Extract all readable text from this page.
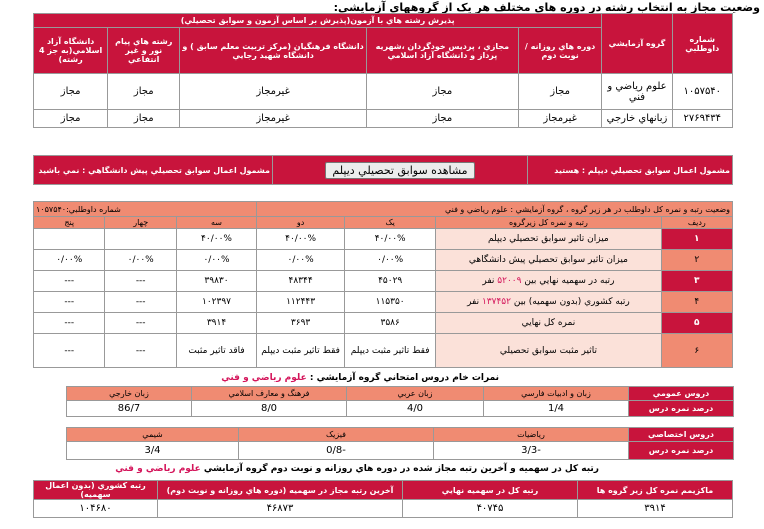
وضعيت مجاز به انتخاب رشته در دوره هاي مختلف هر يک از گروههاي آزمايشي:
شماره داوطلبي	گروه آزمايشي	پذيرش رشته هاي با آزمون(پذيرش بر اساس آزمون و سوابق تحصيلي)				
		دوره هاي روزانه / نوبت دوم	مجازي ، پرديس خودگردان ،شهريه پرداز و دانشگاه آزاد اسلامي	دانشگاه فرهنگيان (مرکز تربيت معلم سابق ) و دانشگاه شهيد رجايي	رشته هاي پيام نور و غير انتفاعي	دانشگاه آزاد اسلامي(به جز 4 رشته)
۱۰۵۷۵۴۰	علوم رياضي و فني	مجاز	مجاز	غيرمجاز	مجاز	مجاز
۲۷۶۹۴۳۴	زبانهاي خارجي	غيرمجاز	مجاز	غيرمجاز	مجاز	مجاز
مشمول اعمال سوابق تحصيلي ديپلم : هستيد	مشاهده سوابق تحصيلي ديپلم	مشمول اعمال سوابق تحصيلي پيش دانشگاهي : نمي باشيد
وضعيت رتبه و نمره کل داوطلب در هر زير گروه ، گروه آزمايشي : علوم رياضي و فني				شماره داوطلبي:۱۰۵۷۵۴۰		
رديف	رتبه و نمره کل زيرگروه	يک	دو	سه	چهار	پنج
۱	ميزان تاثير سوابق تحصيلي ديپلم	۴۰/۰۰%	۴۰/۰۰%	۴۰/۰۰%		
۲	ميزان تاثير سوابق تحصيلي پيش دانشگاهي	۰/۰۰%	۰/۰۰%	۰/۰۰%	۰/۰۰%	۰/۰۰%
۳	رتبه در سهميه نهايي بين ۵۲۰۰۹ نفر	۴۵۰۲۹	۴۸۳۴۴	۳۹۸۳۰	---	---
۴	رتبه کشوري (بدون سهميه) بين ۱۳۷۴۵۲ نفر	۱۱۵۳۵۰	۱۱۲۴۴۳	۱۰۲۳۹۷	---	---
۵	نمره کل نهايي	۳۵۸۶	۳۶۹۳	۳۹۱۴	---	---
۶	تاثير مثبت سوابق تحصيلي	فقط تاثير مثبت ديپلم	فقط تاثير مثبت ديپلم	فاقد تاثير مثبت	---	---
نمرات خام دروس امتحاني گروه آزمايشي : علوم رياضي و فني
دروس عمومي	زبان و ادبيات فارسي	زبان عربي	فرهنگ و معارف اسلامي	زبان خارجي
درصد نمره درس	1/4	4/0	8/0	86/7
دروس اختصاصي	رياضيات	فيزيک	شيمي
درصد نمره درس	-3/3	-0/8	3/4
رتبه کل در سهميه و آخرين رتبه مجاز شده در دوره هاي روزانه و نوبت دوم گروه آزمايشي علوم رياضي و فني
ماکزيمم نمره کل زير گروه ها	رتبه کل در سهميه نهايي	آخرين رتبه مجاز در سهميه (دوره هاي روزانه و نوبت دوم)	رتبه کشوري (بدون اعمال سهميه)
۳۹۱۴	۴۰۷۴۵	۴۶۸۷۳	۱۰۴۶۸۰
